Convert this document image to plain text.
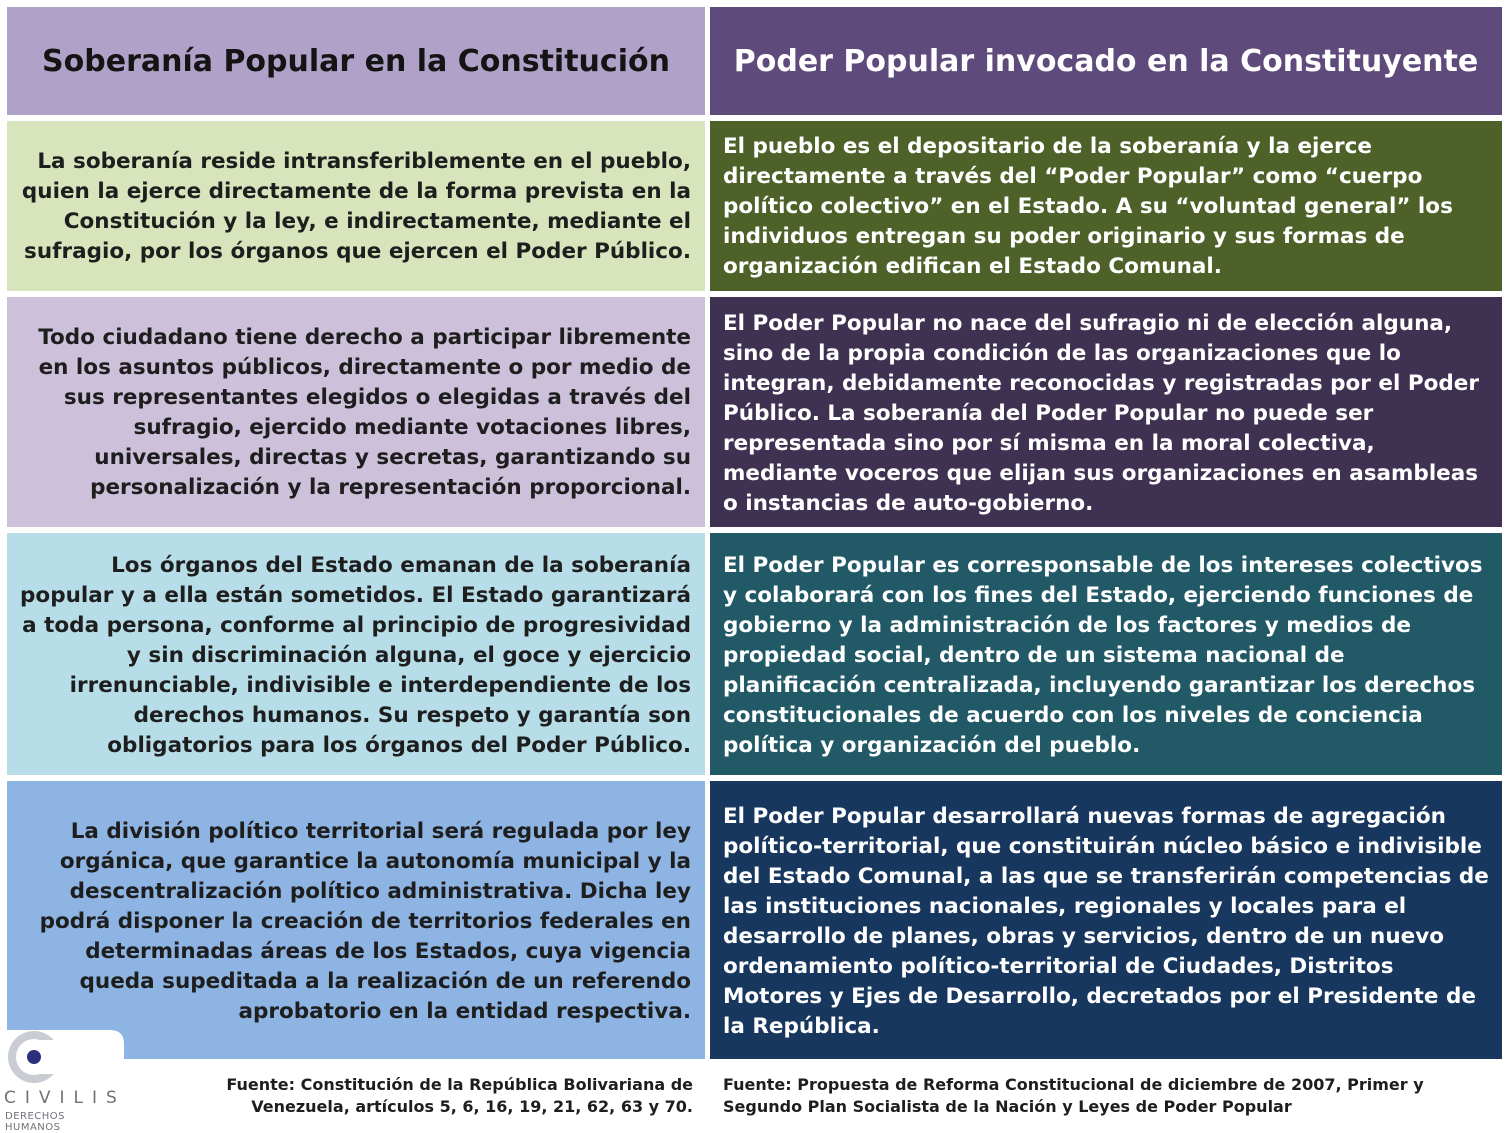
Soberanía Popular en la Constitución Poder Popular invocado en la Constituyente
La soberanía reside intransferiblemente en el pueblo, quien la ejerce directamente de la forma prevista en la Constitución y la ley, e indirectamente, mediante el sufragio, por los órganos que ejercen el Poder Público.
El pueblo es el depositario de la soberanía y la ejerce directamente a través del “Poder Popular” como “cuerpo político colectivo” en el Estado. A su “voluntad general” los individuos entregan su poder originario y sus formas de organización edifican el Estado Comunal.
Todo ciudadano tiene derecho a participar libremente en los asuntos públicos, directamente o por medio de sus representantes elegidos o elegidas a través del sufragio, ejercido mediante votaciones libres, universales, directas y secretas, garantizando su personalización y la representación proporcional.
El Poder Popular no nace del sufragio ni de elección alguna, sino de la propia condición de las organizaciones que lo integran, debidamente reconocidas y registradas por el Poder Público. La soberanía del Poder Popular no puede ser representada sino por sí misma en la moral colectiva, mediante voceros que elijan sus organizaciones en asambleas o instancias de auto-gobierno.
Los órganos del Estado emanan de la soberanía popular y a ella están sometidos. El Estado garantizará a toda persona, conforme al principio de progresividad y sin discriminación alguna, el goce y ejercicio irrenunciable, indivisible e interdependiente de los derechos humanos. Su respeto y garantía son obligatorios para los órganos del Poder Público.
El Poder Popular es corresponsable de los intereses colectivos y colaborará con los fines del Estado, ejerciendo funciones de gobierno y la administración de los factores y medios de propiedad social, dentro de un sistema nacional de planificación centralizada, incluyendo garantizar los derechos constitucionales de acuerdo con los niveles de conciencia política y organización del pueblo.
La división político territorial será regulada por ley orgánica, que garantice la autonomía municipal y la descentralización político administrativa. Dicha ley podrá disponer la creación de territorios federales en determinadas áreas de los Estados, cuya vigencia queda supeditada a la realización de un referendo aprobatorio en la entidad respectiva.
El Poder Popular desarrollará nuevas formas de agregación político-territorial, que constituirán núcleo básico e indivisible del Estado Comunal, a las que se transferirán competencias de las instituciones nacionales, regionales y locales para el desarrollo de planes, obras y servicios, dentro de un nuevo ordenamiento político-territorial de Ciudades, Distritos Motores y Ejes de Desarrollo, decretados por el Presidente de la República.
Fuente: Constitución de la República Bolivariana de Venezuela, artículos 5, 6, 16, 19, 21, 62, 63 y 70.
Fuente: Propuesta de Reforma Constitucional de diciembre de 2007, Primer y Segundo Plan Socialista de la Nación y Leyes de Poder Popular
CIVILIS
DERECHOS HUMANOS
